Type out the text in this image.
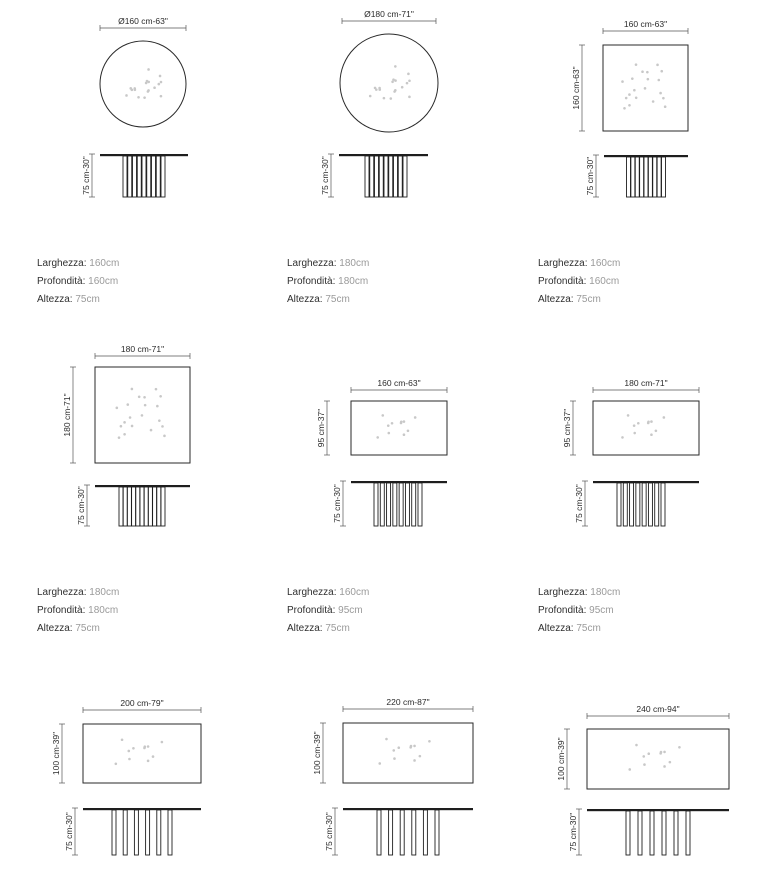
Ø160 cm-63"
75 cm-30"
Ø180 cm-71"
75 cm-30"
160 cm-63"
160 cm-63"
75 cm-30"
180 cm-71"
180 cm-71"
75 cm-30"
95 cm-37"
160 cm-63"
75 cm-30"
95 cm-37"
180 cm-71"
75 cm-30"
100 cm-39"
200 cm-79"
75 cm-30"
100 cm-39"
220 cm-87"
75 cm-30"
100 cm-39"
240 cm-94"
75 cm-30"
Larghezza: 160cm
Profondità: 160cm
Altezza: 75cm
Larghezza: 180cm
Profondità: 180cm
Altezza: 75cm
Larghezza: 160cm
Profondità: 160cm
Altezza: 75cm
Larghezza: 180cm
Profondità: 180cm
Altezza: 75cm
Larghezza: 160cm
Profondità: 95cm
Altezza: 75cm
Larghezza: 180cm
Profondità: 95cm
Altezza: 75cm
